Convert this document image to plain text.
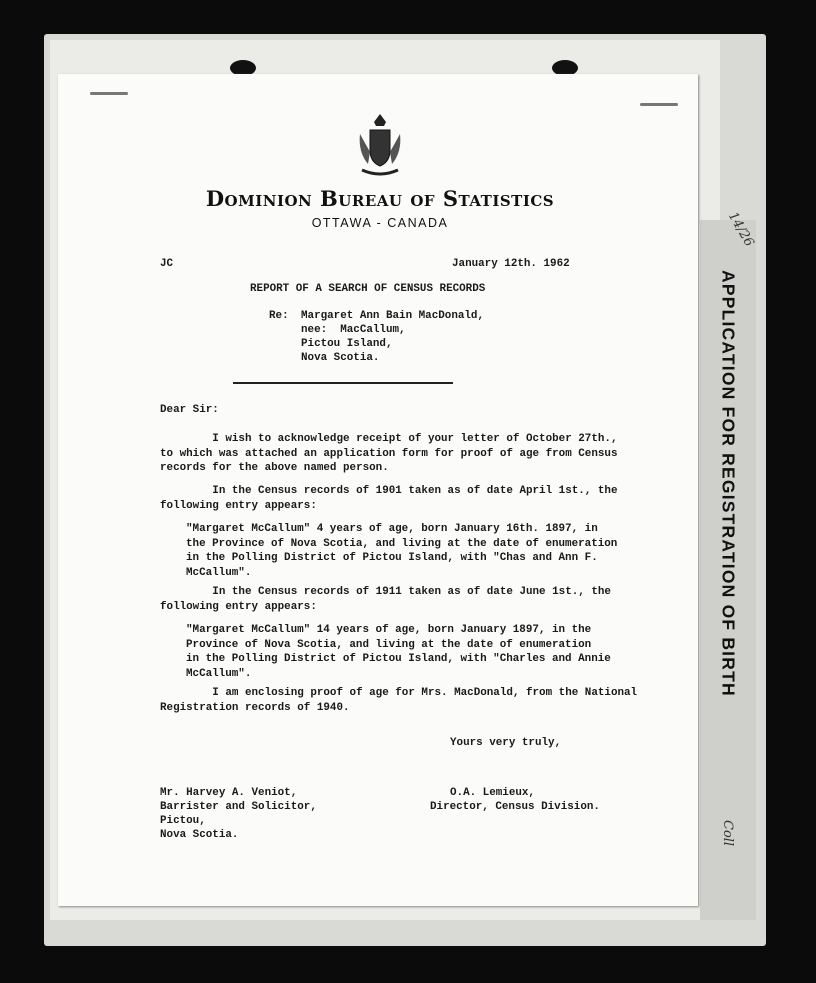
APPLICATION FOR REGISTRATION OF BIRTH
14/26
Coll
Dominion Bureau of Statistics
OTTAWA - CANADA
JC	January 12th. 1962
REPORT OF A SEARCH OF CENSUS RECORDS
Re: Margaret Ann Bain MacDonald,
nee:  MacCallum,
Pictou Island,
Nova Scotia.
Dear Sir:
I wish to acknowledge receipt of your letter of October 27th.,
to which was attached an application form for proof of age from Census
records for the above named person.
In the Census records of 1901 taken as of date April 1st., the
following entry appears:
"Margaret McCallum" 4 years of age, born January 16th. 1897, in
the Province of Nova Scotia, and living at the date of enumeration
in the Polling District of Pictou Island, with "Chas and Ann F.
McCallum".
In the Census records of 1911 taken as of date June 1st., the
following entry appears:
"Margaret McCallum" 14 years of age, born January 1897, in the
Province of Nova Scotia, and living at the date of enumeration
in the Polling District of Pictou Island, with "Charles and Annie
McCallum".
I am enclosing proof of age for Mrs. MacDonald, from the National
Registration records of 1940.
Yours very truly,
O.A. Lemieux,
Director, Census Division.
Mr. Harvey A. Veniot,
Barrister and Solicitor,
Pictou,
Nova Scotia.
